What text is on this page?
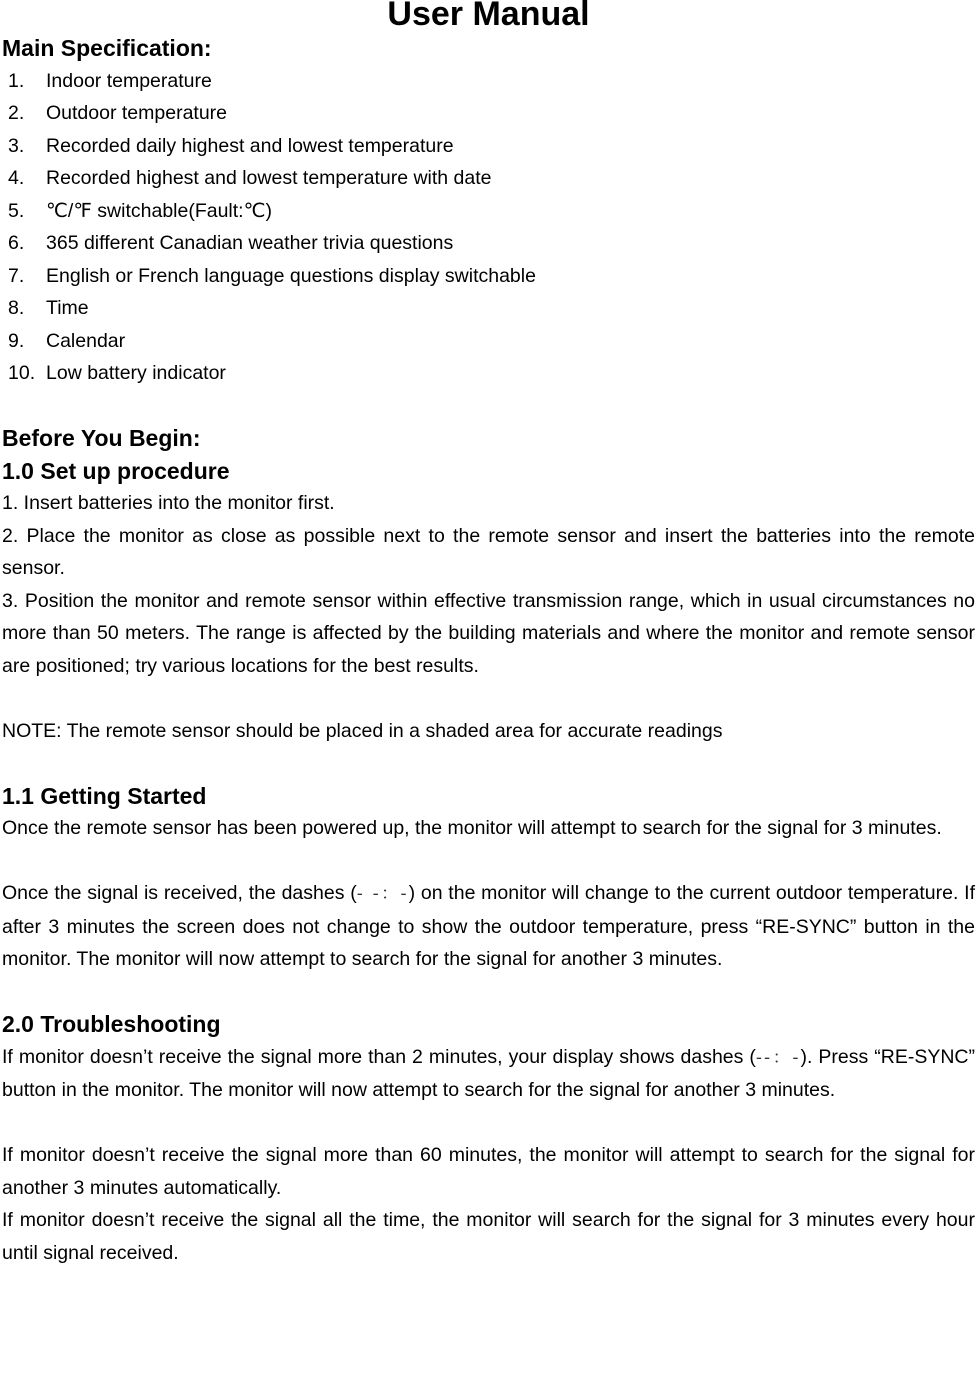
User Manual
Main Specification:
1. Indoor temperature
2. Outdoor temperature
3. Recorded daily highest and lowest temperature
4. Recorded highest and lowest temperature with date
5. ℃/℉ switchable(Fault:℃)
6. 365 different Canadian weather trivia questions
7. English or French language questions display switchable
8. Time
9. Calendar
10. Low battery indicator
Before You Begin:
1.0 Set up procedure

1. Insert batteries into the monitor first.

2. Place the monitor as close as possible next to the remote sensor and insert the batteries into the remote sensor.

3. Position the monitor and remote sensor within effective transmission range, which in usual circumstances no more than 50 meters. The range is affected by the building materials and where the monitor and remote sensor are positioned; try various locations for the best results.

NOTE: The remote sensor should be placed in a shaded area for accurate readings

1.1 Getting Started

Once the remote sensor has been powered up, the monitor will attempt to search for the signal for 3 minutes.

Once the signal is received, the dashes (- -：-) on the monitor will change to the current outdoor temperature. If after 3 minutes the screen does not change to show the outdoor temperature, press “RE-SYNC” button in the monitor. The monitor will now attempt to search for the signal for another 3 minutes.

2.0 Troubleshooting

If monitor doesn’t receive the signal more than 2 minutes, your display shows dashes (--：-). Press “RE-SYNC” button in the monitor. The monitor will now attempt to search for the signal for another 3 minutes.

If monitor doesn’t receive the signal more than 60 minutes, the monitor will attempt to search for the signal for another 3 minutes automatically.

If monitor doesn’t receive the signal all the time, the monitor will search for the signal for 3 minutes every hour until signal received.
